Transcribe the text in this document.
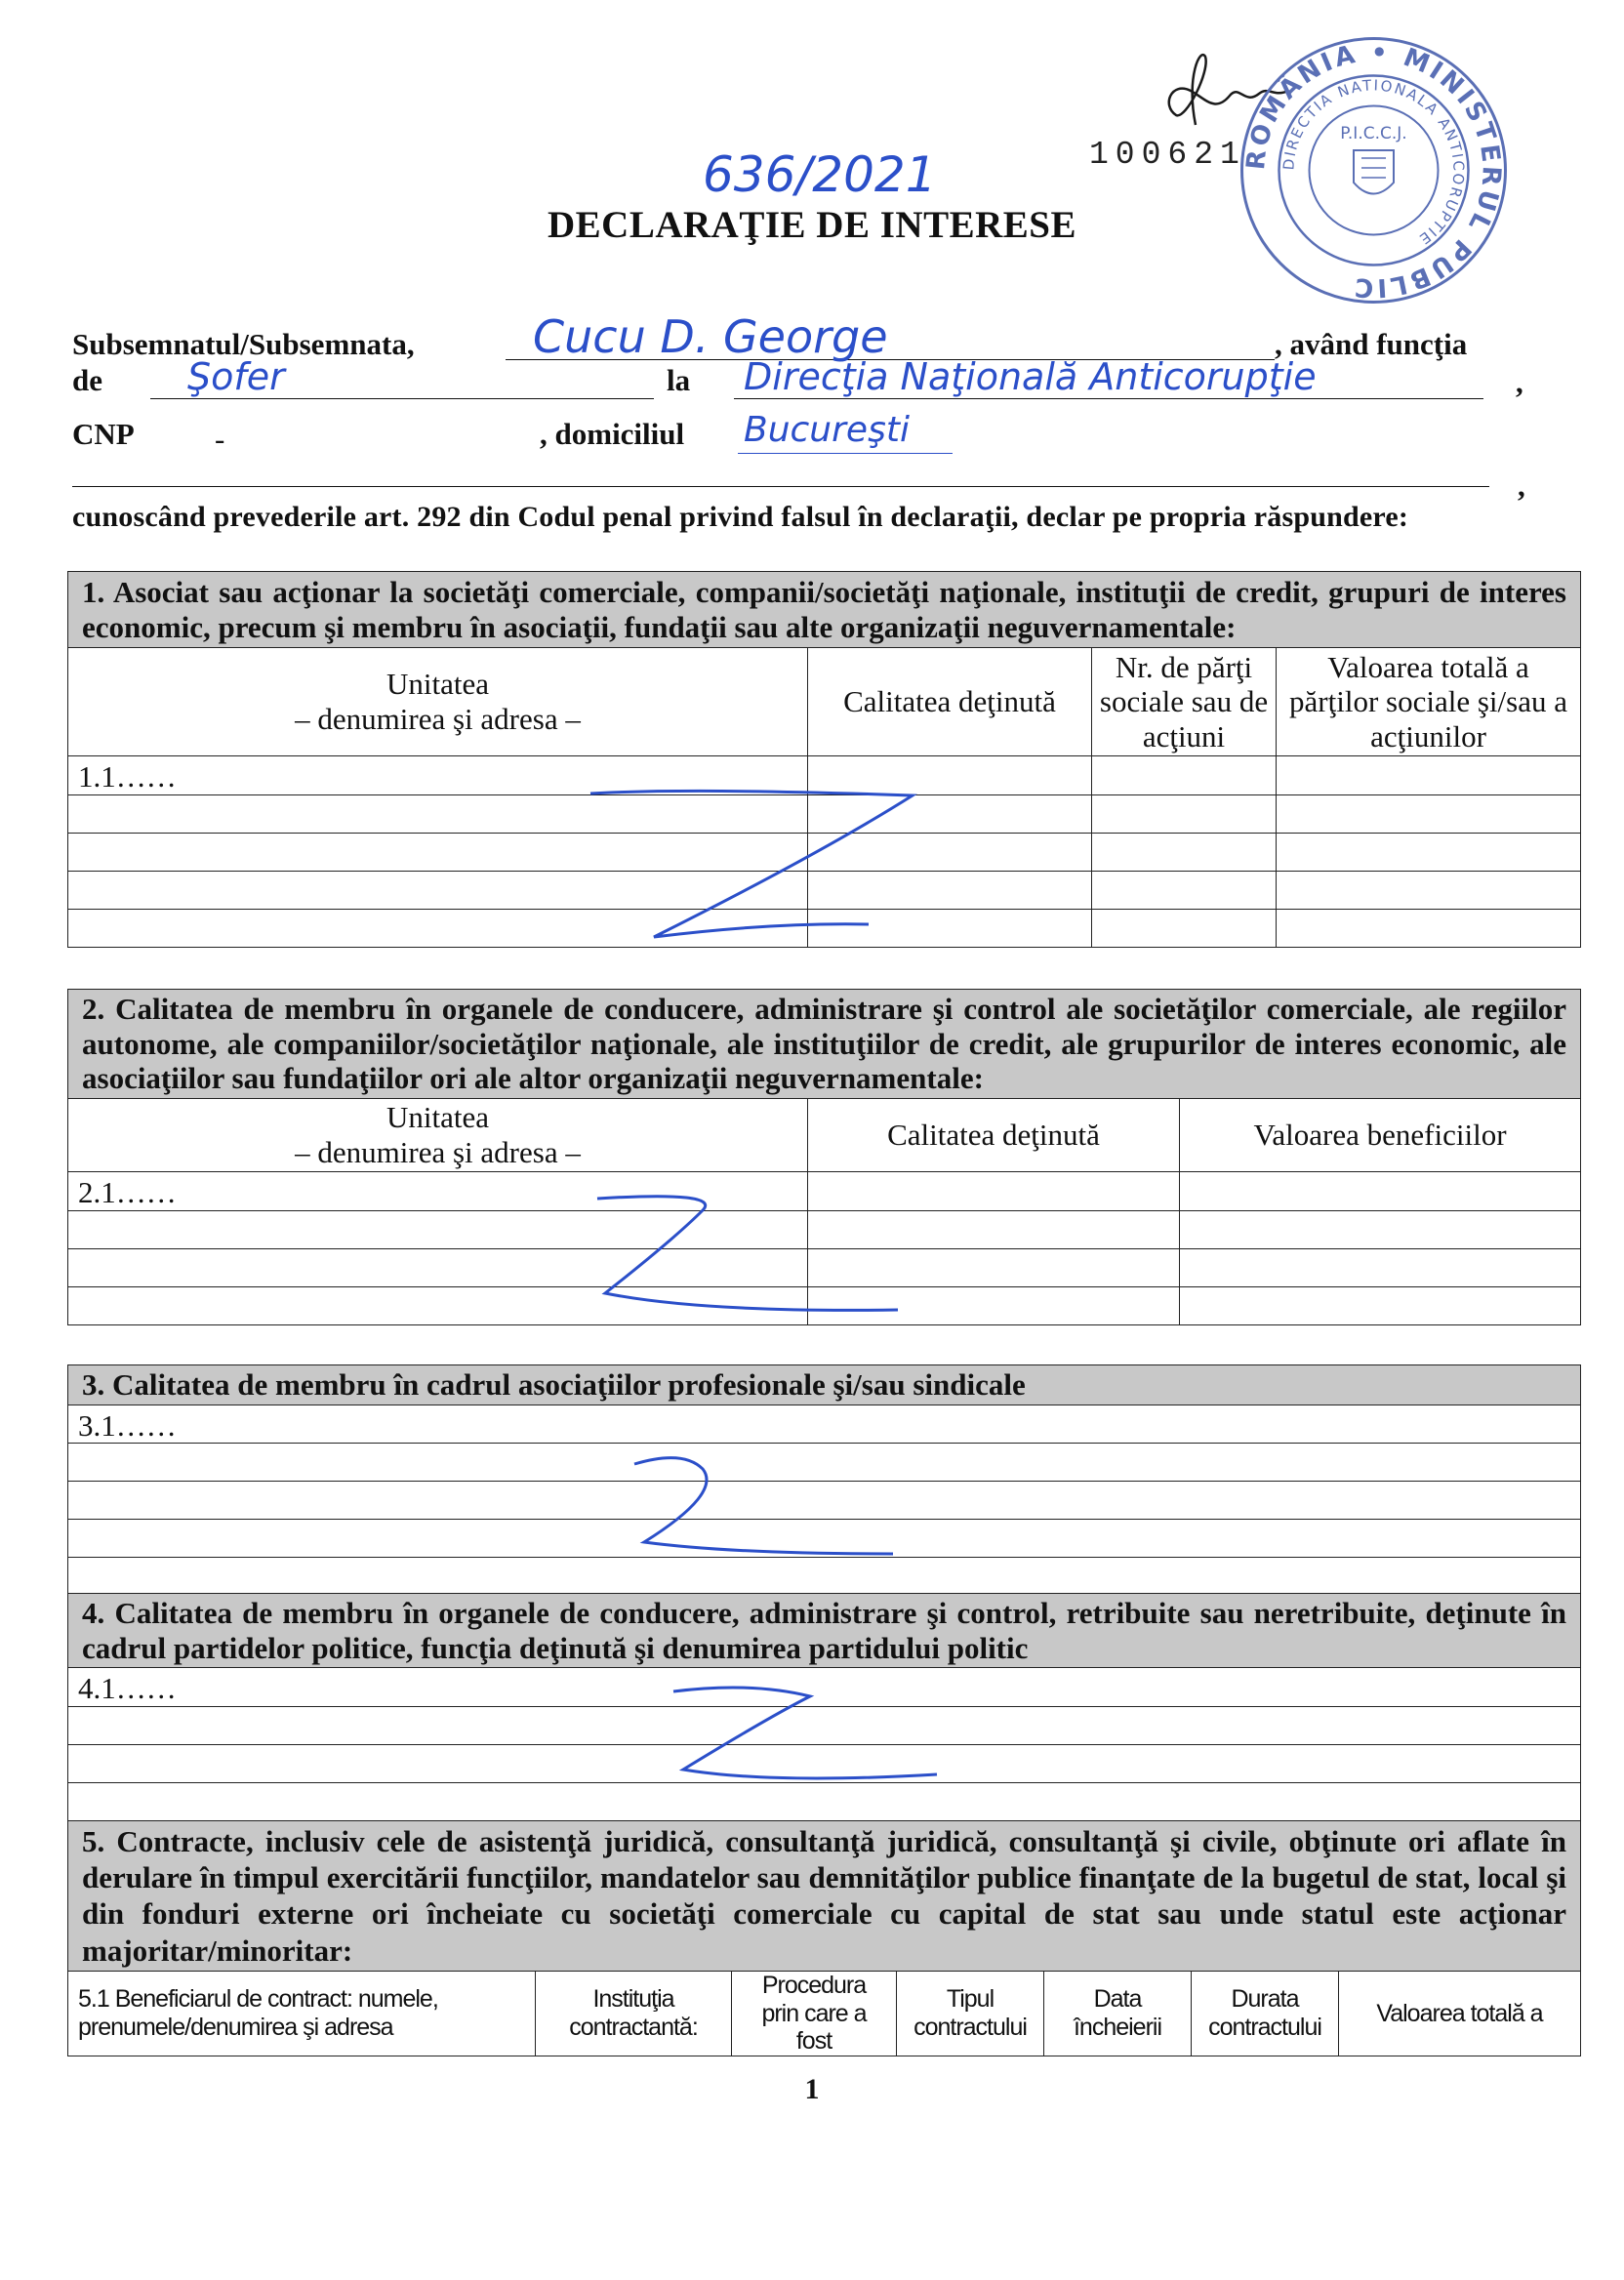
636/2021	100621
ROMÂNIA • MINISTERUL PUBLIC
DIRECTIA NATIONALA ANTICORUPTIE
P.I.C.C.J.
DECLARAŢIE DE INTERESE
Subsemnatul/Subsemnata,	Cucu D. George	, având funcţia
de Şofer	la Direcţia Naţională Anticorupţie	,
CNP	-	, domiciliul Bucureşti
,
cunoscând prevederile art. 292 din Codul penal privind falsul în declaraţii, declar pe propria răspundere:
1. Asociat sau acţionar la societăţi comerciale, companii/societăţi naţionale, instituţii de credit, grupuri de interes economic, precum şi membru în asociaţii, fundaţii sau alte organizaţii neguvernamentale:			
Unitatea
– denumirea şi adresa –	Calitatea deţinută	Nr. de părţi sociale sau de acţiuni	Valoarea totală a părţilor sociale şi/sau a acţiunilor
1.1……			

2. Calitatea de membru în organele de conducere, administrare şi control ale societăţilor comerciale, ale regiilor autonome, ale companiilor/societăţilor naţionale, ale instituţiilor de credit, ale grupurilor de interes economic, ale asociaţiilor sau fundaţiilor ori ale altor organizaţii neguvernamentale:		
Unitatea
– denumirea şi adresa –	Calitatea deţinută	Valoarea beneficiilor
2.1……		

3. Calitatea de membru în cadrul asociaţiilor profesionale şi/sau sindicale
3.1……

4. Calitatea de membru în organele de conducere, administrare şi control, retribuite sau neretribuite, deţinute în cadrul partidelor politice, funcţia deţinută şi denumirea partidului politic
4.1……

5. Contracte, inclusiv cele de asistenţă juridică, consultanţă juridică, consultanţă şi civile, obţinute ori aflate în derulare în timpul exercitării funcţiilor, mandatelor sau demnităţilor publice finanţate de la bugetul de stat, local şi din fonduri externe ori încheiate cu societăţi comerciale cu capital de stat sau unde statul este acţionar majoritar/minoritar:
5.1 Beneficiarul de contract: numele, prenumele/denumirea şi adresa	Instituţia contractantă:	Procedura prin care a fost	Tipul contractului	Data încheierii	Durata contractului	Valoarea totală a
1
